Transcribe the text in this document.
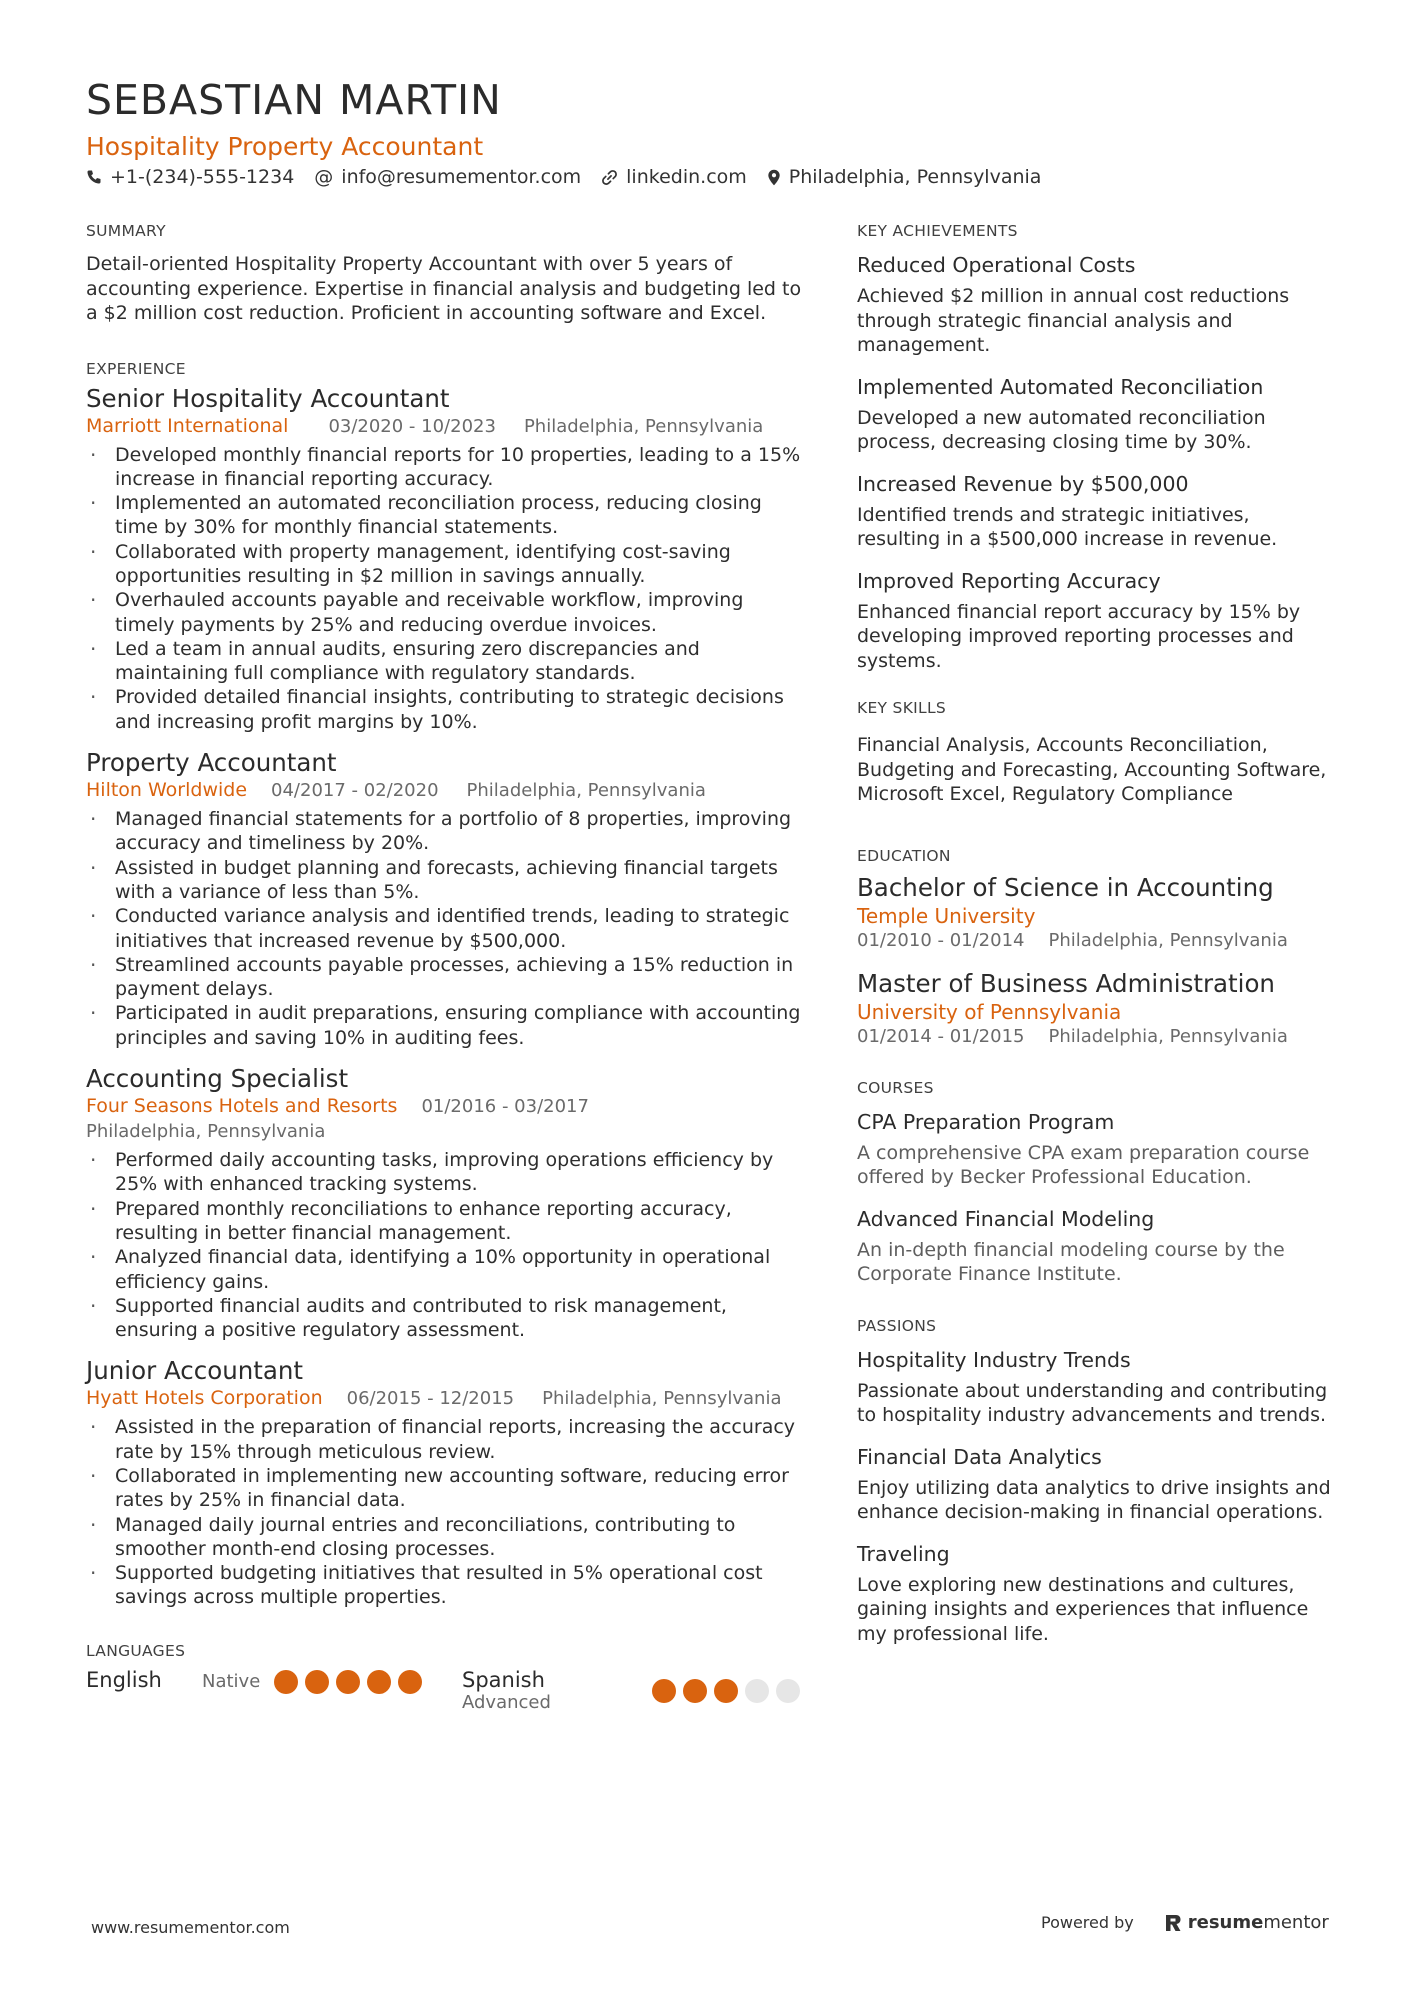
SEBASTIAN MARTIN
Hospitality Property Accountant
+1-(234)-555-1234 @ info@resumementor.com linkedin.com Philadelphia, Pennsylvania
SUMMARY
Detail-oriented Hospitality Property Accountant with over 5 years of accounting experience. Expertise in financial analysis and budgeting led to a $2 million cost reduction. Proficient in accounting software and Excel.
EXPERIENCE
Senior Hospitality Accountant
Marriott International 03/2020 - 10/2023 Philadelphia, Pennsylvania
· Developed monthly financial reports for 10 properties, leading to a 15% increase in financial reporting accuracy.
· Implemented an automated reconciliation process, reducing closing time by 30% for monthly financial statements.
· Collaborated with property management, identifying cost-saving opportunities resulting in $2 million in savings annually.
· Overhauled accounts payable and receivable workflow, improving timely payments by 25% and reducing overdue invoices.
· Led a team in annual audits, ensuring zero discrepancies and maintaining full compliance with regulatory standards.
· Provided detailed financial insights, contributing to strategic decisions and increasing profit margins by 10%.
Property Accountant
Hilton Worldwide 04/2017 - 02/2020 Philadelphia, Pennsylvania
· Managed financial statements for a portfolio of 8 properties, improving accuracy and timeliness by 20%.
· Assisted in budget planning and forecasts, achieving financial targets with a variance of less than 5%.
· Conducted variance analysis and identified trends, leading to strategic initiatives that increased revenue by $500,000.
· Streamlined accounts payable processes, achieving a 15% reduction in payment delays.
· Participated in audit preparations, ensuring compliance with accounting principles and saving 10% in auditing fees.
Accounting Specialist
Four Seasons Hotels and Resorts 01/2016 - 03/2017
Philadelphia, Pennsylvania
· Performed daily accounting tasks, improving operations efficiency by 25% with enhanced tracking systems.
· Prepared monthly reconciliations to enhance reporting accuracy, resulting in better financial management.
· Analyzed financial data, identifying a 10% opportunity in operational efficiency gains.
· Supported financial audits and contributed to risk management, ensuring a positive regulatory assessment.
Junior Accountant
Hyatt Hotels Corporation 06/2015 - 12/2015 Philadelphia, Pennsylvania
· Assisted in the preparation of financial reports, increasing the accuracy rate by 15% through meticulous review.
· Collaborated in implementing new accounting software, reducing error rates by 25% in financial data.
· Managed daily journal entries and reconciliations, contributing to smoother month-end closing processes.
· Supported budgeting initiatives that resulted in 5% operational cost savings across multiple properties.
LANGUAGES
English	Native	Spanish
Advanced
KEY ACHIEVEMENTS
Reduced Operational Costs
Achieved $2 million in annual cost reductions through strategic financial analysis and management.
Implemented Automated Reconciliation
Developed a new automated reconciliation process, decreasing closing time by 30%.
Increased Revenue by $500,000
Identified trends and strategic initiatives, resulting in a $500,000 increase in revenue.
Improved Reporting Accuracy
Enhanced financial report accuracy by 15% by developing improved reporting processes and systems.
KEY SKILLS
Financial Analysis, Accounts Reconciliation, Budgeting and Forecasting, Accounting Software, Microsoft Excel, Regulatory Compliance
EDUCATION
Bachelor of Science in Accounting
Temple University
01/2010 - 01/2014 Philadelphia, Pennsylvania
Master of Business Administration
University of Pennsylvania
01/2014 - 01/2015 Philadelphia, Pennsylvania
COURSES
CPA Preparation Program
A comprehensive CPA exam preparation course offered by Becker Professional Education.
Advanced Financial Modeling
An in-depth financial modeling course by the Corporate Finance Institute.
PASSIONS
Hospitality Industry Trends
Passionate about understanding and contributing to hospitality industry advancements and trends.
Financial Data Analytics
Enjoy utilizing data analytics to drive insights and enhance decision-making in financial operations.
Traveling
Love exploring new destinations and cultures, gaining insights and experiences that influence my professional life.
www.resumementor.com	Powered by	resumementor
